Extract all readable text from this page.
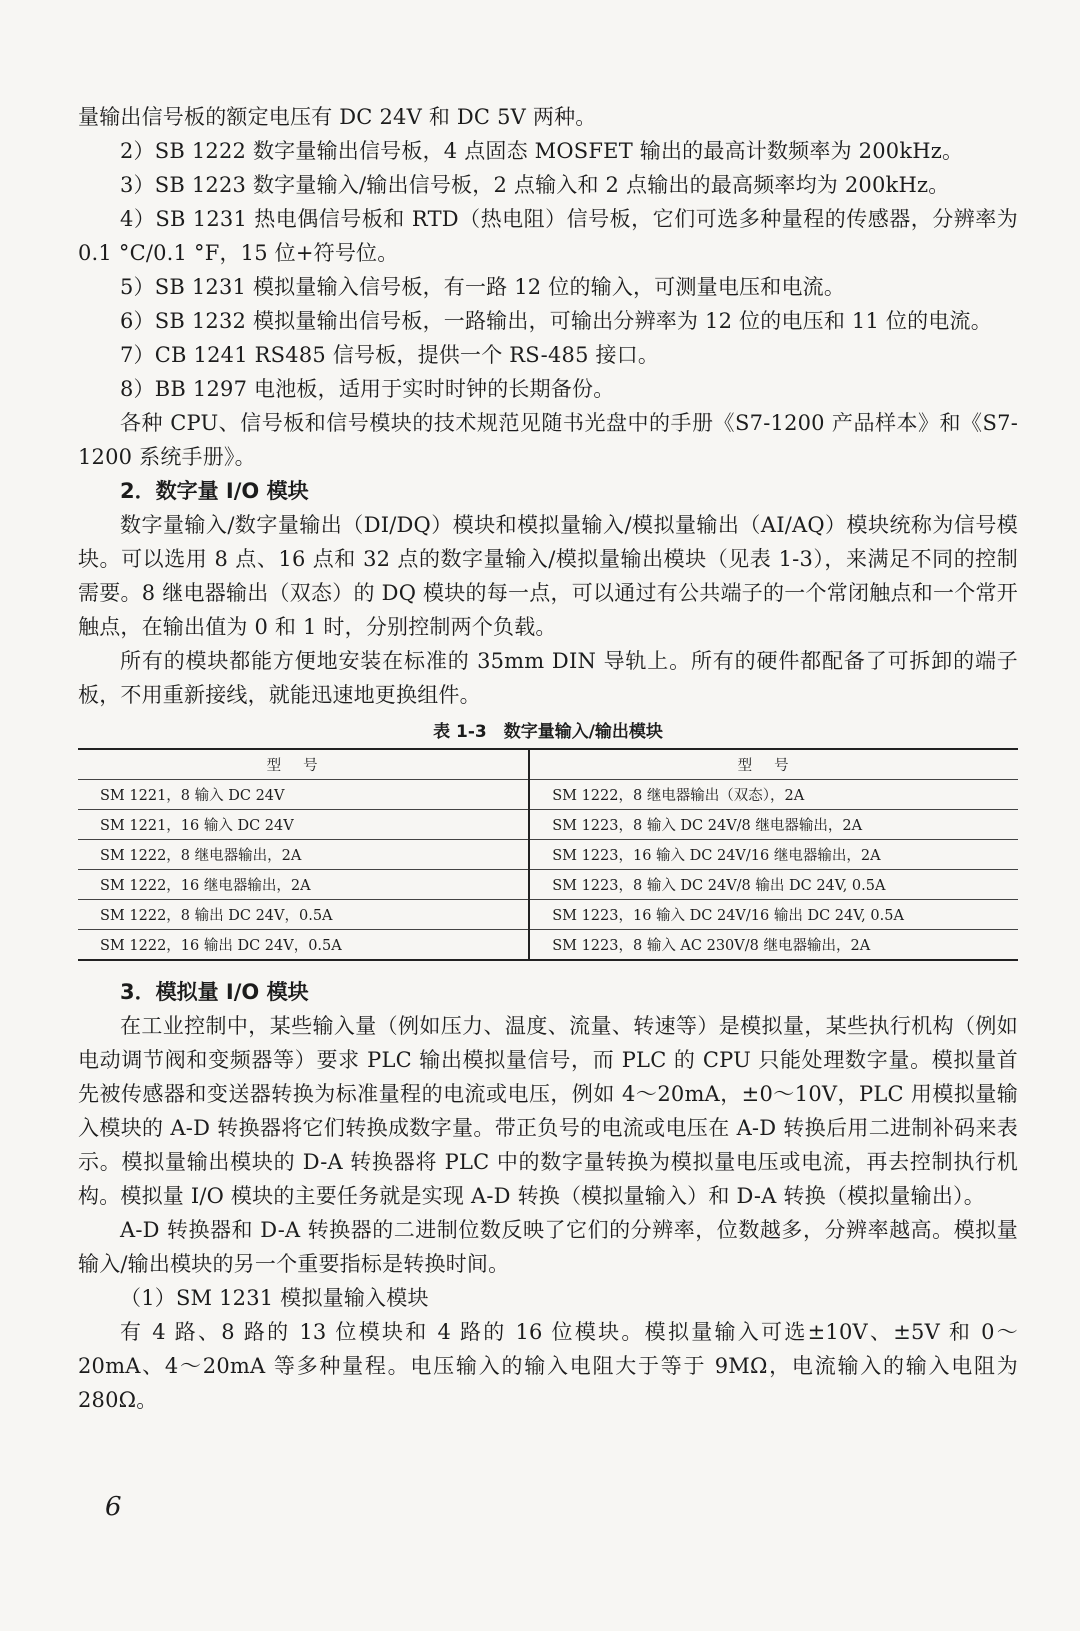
量输出信号板的额定电压有 DC 24V 和 DC 5V 两种。

2）SB 1222 数字量输出信号板，4 点固态 MOSFET 输出的最高计数频率为 200kHz。

3）SB 1223 数字量输入/输出信号板，2 点输入和 2 点输出的最高频率均为 200kHz。

4）SB 1231 热电偶信号板和 RTD（热电阻）信号板，它们可选多种量程的传感器，分辨率为 0.1 °C/0.1 °F，15 位+符号位。

5）SB 1231 模拟量输入信号板，有一路 12 位的输入，可测量电压和电流。

6）SB 1232 模拟量输出信号板，一路输出，可输出分辨率为 12 位的电压和 11 位的电流。

7）CB 1241 RS485 信号板，提供一个 RS-485 接口。

8）BB 1297 电池板，适用于实时时钟的长期备份。

各种 CPU、信号板和信号模块的技术规范见随书光盘中的手册《S7-1200 产品样本》和《S7-1200 系统手册》。

2．数字量 I/O 模块

数字量输入/数字量输出（DI/DQ）模块和模拟量输入/模拟量输出（AI/AQ）模块统称为信号模块。可以选用 8 点、16 点和 32 点的数字量输入/模拟量输出模块（见表 1-3），来满足不同的控制需要。8 继电器输出（双态）的 DQ 模块的每一点，可以通过有公共端子的一个常闭触点和一个常开触点，在输出值为 0 和 1 时，分别控制两个负载。

所有的模块都能方便地安装在标准的 35mm DIN 导轨上。所有的硬件都配备了可拆卸的端子板，不用重新接线，就能迅速地更换组件。

表 1-3　数字量输入/输出模块
型号	型号
SM 1221，8 输入 DC 24V	SM 1222，8 继电器输出（双态），2A
SM 1221，16 输入 DC 24V	SM 1223，8 输入 DC 24V/8 继电器输出，2A
SM 1222，8 继电器输出，2A	SM 1223，16 输入 DC 24V/16 继电器输出，2A
SM 1222，16 继电器输出，2A	SM 1223，8 输入 DC 24V/8 输出 DC 24V, 0.5A
SM 1222，8 输出 DC 24V，0.5A	SM 1223，16 输入 DC 24V/16 输出 DC 24V, 0.5A
SM 1222，16 输出 DC 24V，0.5A	SM 1223，8 输入 AC 230V/8 继电器输出，2A

3．模拟量 I/O 模块

在工业控制中，某些输入量（例如压力、温度、流量、转速等）是模拟量，某些执行机构（例如电动调节阀和变频器等）要求 PLC 输出模拟量信号，而 PLC 的 CPU 只能处理数字量。模拟量首先被传感器和变送器转换为标准量程的电流或电压，例如 4～20mA，±0～10V，PLC 用模拟量输入模块的 A-D 转换器将它们转换成数字量。带正负号的电流或电压在 A-D 转换后用二进制补码来表示。模拟量输出模块的 D-A 转换器将 PLC 中的数字量转换为模拟量电压或电流，再去控制执行机构。模拟量 I/O 模块的主要任务就是实现 A-D 转换（模拟量输入）和 D-A 转换（模拟量输出）。

A-D 转换器和 D-A 转换器的二进制位数反映了它们的分辨率，位数越多，分辨率越高。模拟量输入/输出模块的另一个重要指标是转换时间。

（1）SM 1231 模拟量输入模块

有 4 路、8 路的 13 位模块和 4 路的 16 位模块。模拟量输入可选±10V、±5V 和 0～20mA、4～20mA 等多种量程。电压输入的输入电阻大于等于 9MΩ，电流输入的输入电阻为 280Ω。

6
